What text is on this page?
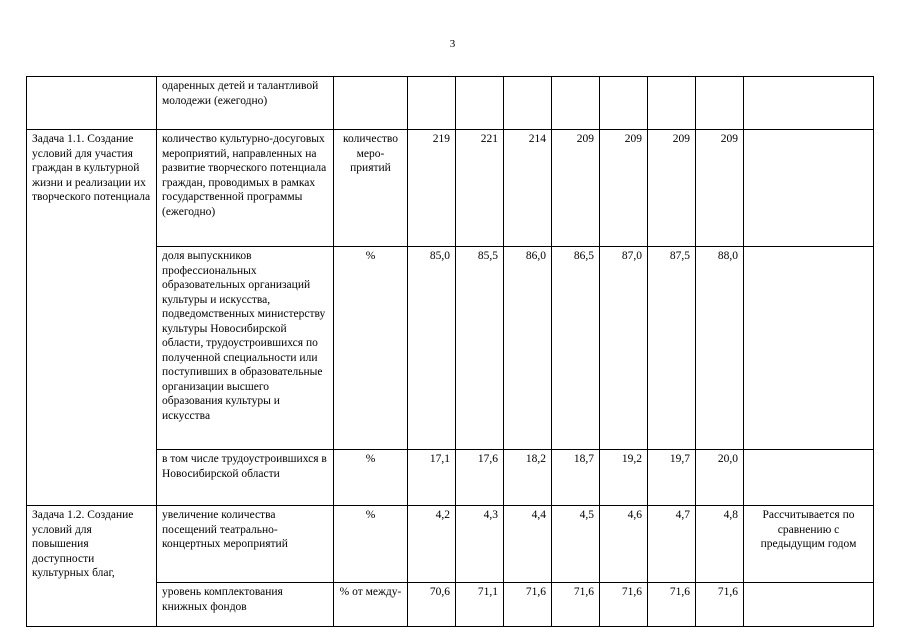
3
	одаренных детей и талантливой молодежи (ежегодно)									
Задача 1.1. Создание условий для участия граждан в культурной жизни и реализации их творческого потенциала	количество культурно-досуговых мероприятий, направленных на развитие творческого потенциала граждан, проводимых в рамках государственной программы (ежегодно)	количество меро-приятий	219	221	214	209	209	209	209	
	доля выпускников профессиональных образовательных организаций культуры и искусства, подведомственных министерству культуры Новосибирской области, трудоустроившихся по полученной специальности или поступивших в образовательные организации высшего образования культуры и искусства	%	85,0	85,5	86,0	86,5	87,0	87,5	88,0	
	в том числе трудоустроившихся в Новосибирской области	%	17,1	17,6	18,2	18,7	19,2	19,7	20,0	
Задача 1.2. Создание условий для повышения доступности культурных благ,	увеличение количества посещений театрально-концертных мероприятий	%	4,2	4,3	4,4	4,5	4,6	4,7	4,8	Рассчитывается по сравнению с предыдущим годом
	уровень комплектования книжных фондов	% от между-	70,6	71,1	71,6	71,6	71,6	71,6	71,6	
